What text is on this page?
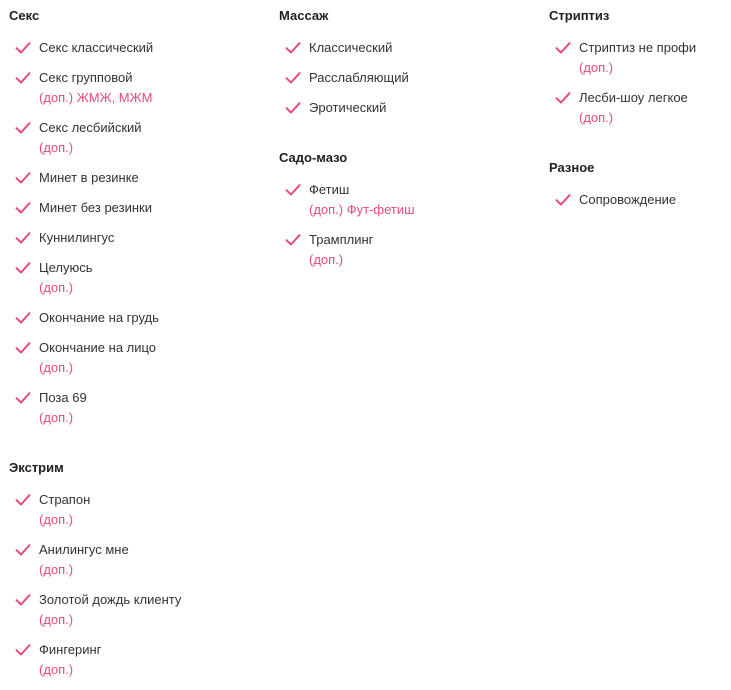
Секс
Секс классический
Секс групповой
(доп.) ЖМЖ, МЖМ
Секс лесбийский
(доп.)
Минет в резинке
Минет без резинки
Куннилингус
Целуюсь
(доп.)
Окончание на грудь
Окончание на лицо
(доп.)
Поза 69
(доп.)
Экстрим
Страпон
(доп.)
Анилингус мне
(доп.)
Золотой дождь клиенту
(доп.)
Фингеринг
(доп.)
Массаж
Классический
Расслабляющий
Эротический
Садо-мазо
Фетиш
(доп.) Фут-фетиш
Трамплинг
(доп.)
Стриптиз
Стриптиз не профи
(доп.)
Лесби-шоу легкое
(доп.)
Разное
Сопровождение
